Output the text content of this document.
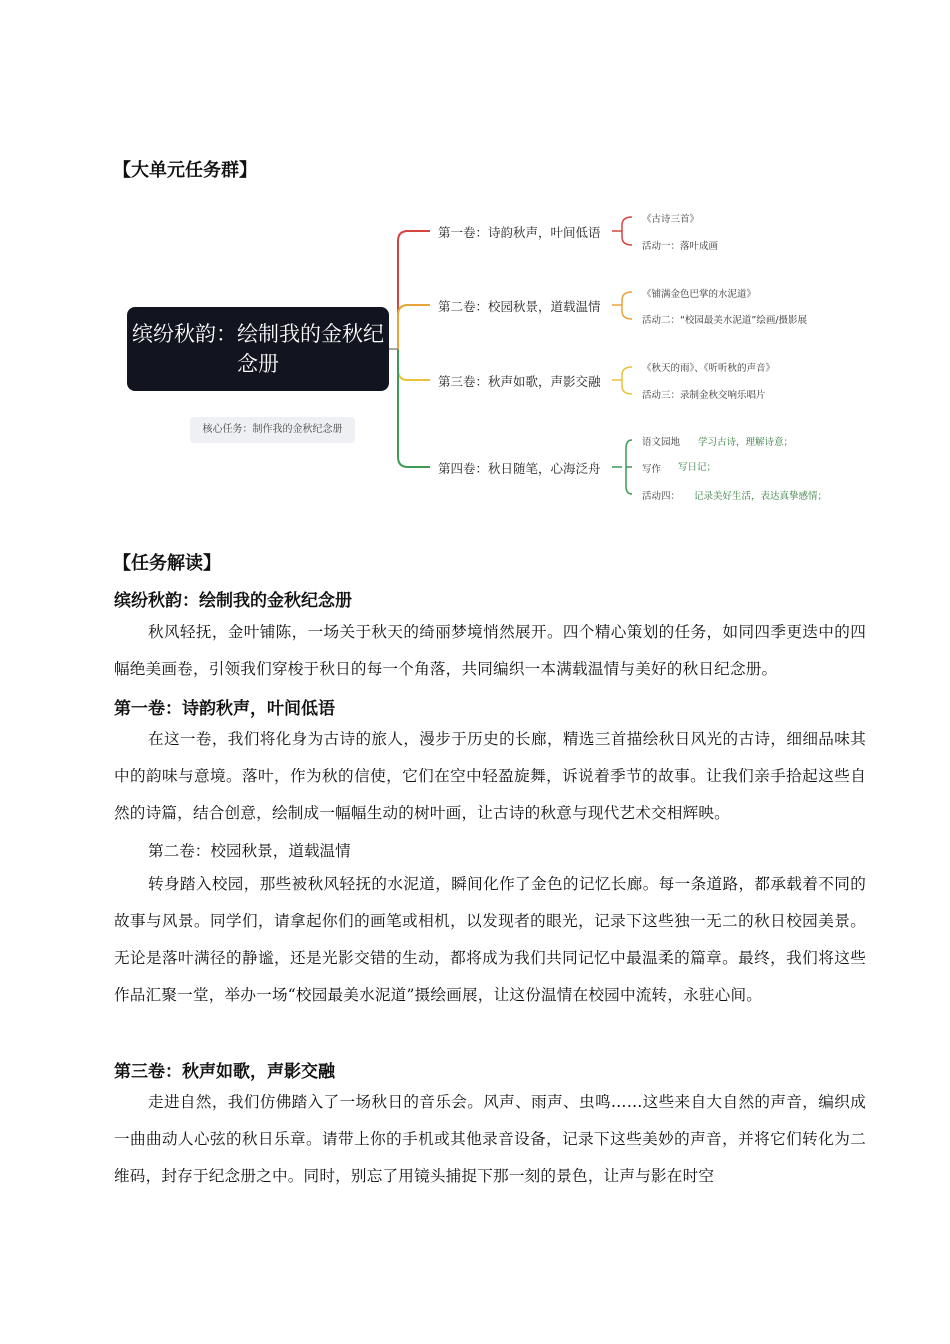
【大单元任务群】
缤纷秋韵：绘制我的金秋纪念册
核心任务：制作我的金秋纪念册
第一卷：诗韵秋声，叶间低语
第二卷：校园秋景，道载温情
第三卷：秋声如歌，声影交融
第四卷：秋日随笔，心海泛舟
《古诗三首》
活动一：落叶成画
《铺满金色巴掌的水泥道》
活动二：“校园最美水泥道”绘画/摄影展
《秋天的雨》、《听听秋的声音》
活动三：录制金秋交响乐唱片
语文园地 学习古诗，理解诗意；
写作 写日记；
活动四： 记录美好生活，表达真挚感情；
【任务解读】
缤纷秋韵：绘制我的金秋纪念册

秋风轻抚，金叶铺陈，一场关于秋天的绮丽梦境悄然展开。四个精心策划的任务，如同四季更迭中的四幅绝美画卷，引领我们穿梭于秋日的每一个角落，共同编织一本满载温情与美好的秋日纪念册。

第一卷：诗韵秋声，叶间低语

在这一卷，我们将化身为古诗的旅人，漫步于历史的长廊，精选三首描绘秋日风光的古诗，细细品味其中的韵味与意境。落叶，作为秋的信使，它们在空中轻盈旋舞，诉说着季节的故事。让我们亲手拾起这些自然的诗篇，结合创意，绘制成一幅幅生动的树叶画，让古诗的秋意与现代艺术交相辉映。

第二卷：校园秋景，道载温情

转身踏入校园，那些被秋风轻抚的水泥道，瞬间化作了金色的记忆长廊。每一条道路，都承载着不同的故事与风景。同学们，请拿起你们的画笔或相机，以发现者的眼光，记录下这些独一无二的秋日校园美景。无论是落叶满径的静谧，还是光影交错的生动，都将成为我们共同记忆中最温柔的篇章。最终，我们将这些作品汇聚一堂，举办一场“校园最美水泥道”摄绘画展，让这份温情在校园中流转，永驻心间。

第三卷：秋声如歌，声影交融

走进自然，我们仿佛踏入了一场秋日的音乐会。风声、雨声、虫鸣……这些来自大自然的声音，编织成一曲曲动人心弦的秋日乐章。请带上你的手机或其他录音设备，记录下这些美妙的声音，并将它们转化为二维码，封存于纪念册之中。同时，别忘了用镜头捕捉下那一刻的景色，让声与影在时空
